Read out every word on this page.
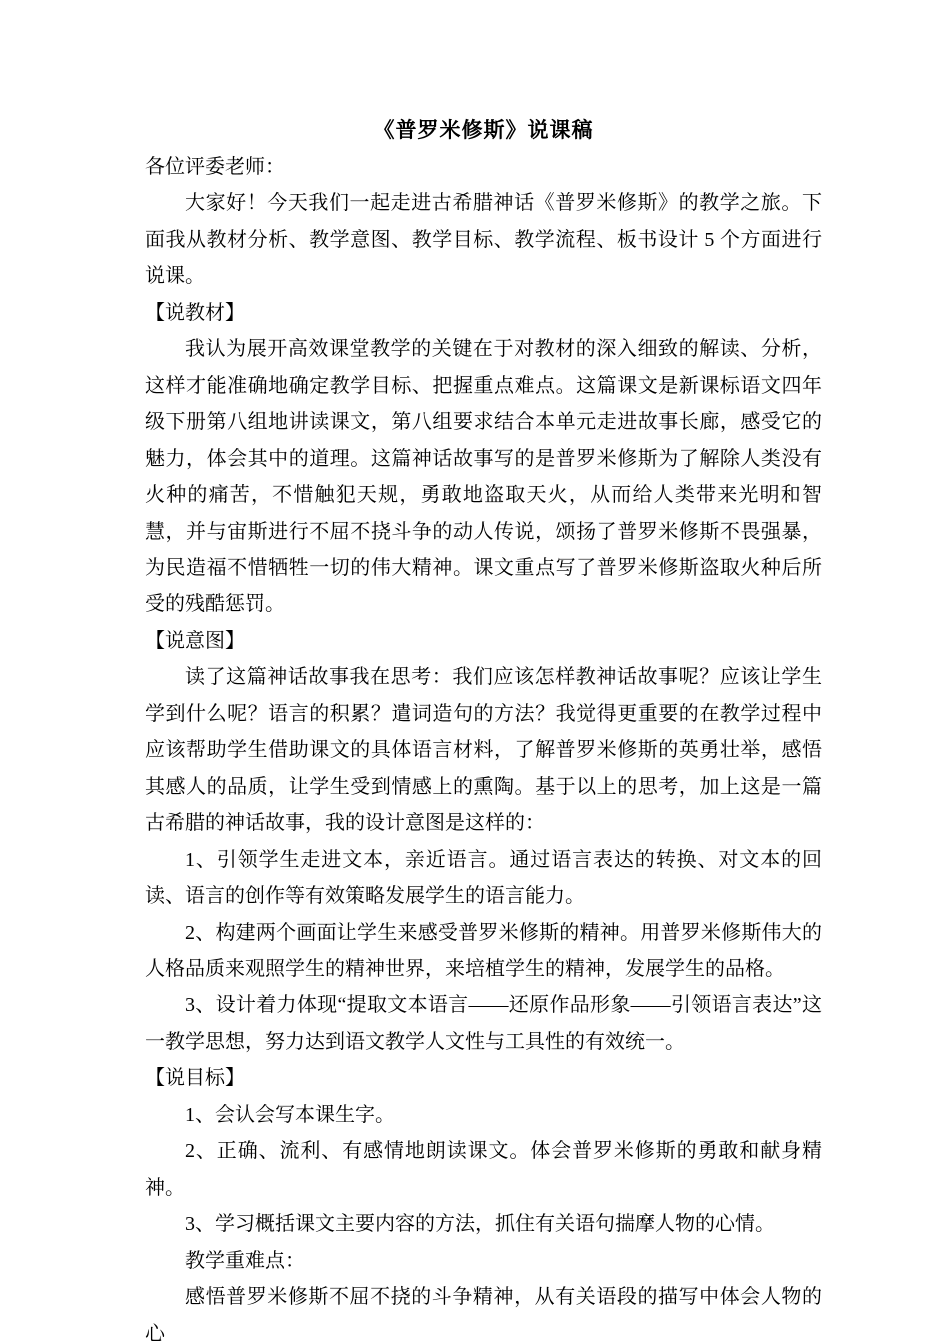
《普罗米修斯》说课稿

各位评委老师：

大家好！今天我们一起走进古希腊神话《普罗米修斯》的教学之旅。下面我从教材分析、教学意图、教学目标、教学流程、板书设计 5 个方面进行说课。

【说教材】

我认为展开高效课堂教学的关键在于对教材的深入细致的解读、分析，这样才能准确地确定教学目标、把握重点难点。这篇课文是新课标语文四年级下册第八组地讲读课文，第八组要求结合本单元走进故事长廊，感受它的魅力，体会其中的道理。这篇神话故事写的是普罗米修斯为了解除人类没有火种的痛苦，不惜触犯天规，勇敢地盗取天火，从而给人类带来光明和智慧，并与宙斯进行不屈不挠斗争的动人传说，颂扬了普罗米修斯不畏强暴，为民造福不惜牺牲一切的伟大精神。课文重点写了普罗米修斯盗取火种后所受的残酷惩罚。

【说意图】

读了这篇神话故事我在思考：我们应该怎样教神话故事呢？应该让学生学到什么呢？语言的积累？遣词造句的方法？我觉得更重要的在教学过程中应该帮助学生借助课文的具体语言材料，了解普罗米修斯的英勇壮举，感悟其感人的品质，让学生受到情感上的熏陶。基于以上的思考，加上这是一篇古希腊的神话故事，我的设计意图是这样的：

1、引领学生走进文本，亲近语言。通过语言表达的转换、对文本的回读、语言的创作等有效策略发展学生的语言能力。

2、构建两个画面让学生来感受普罗米修斯的精神。用普罗米修斯伟大的人格品质来观照学生的精神世界，来培植学生的精神，发展学生的品格。

3、设计着力体现“提取文本语言——还原作品形象——引领语言表达”这一教学思想，努力达到语文教学人文性与工具性的有效统一。

【说目标】

1、会认会写本课生字。

2、正确、流利、有感情地朗读课文。体会普罗米修斯的勇敢和献身精神。

3、学习概括课文主要内容的方法，抓住有关语句揣摩人物的心情。

教学重难点：

感悟普罗米修斯不屈不挠的斗争精神，从有关语段的描写中体会人物的心
